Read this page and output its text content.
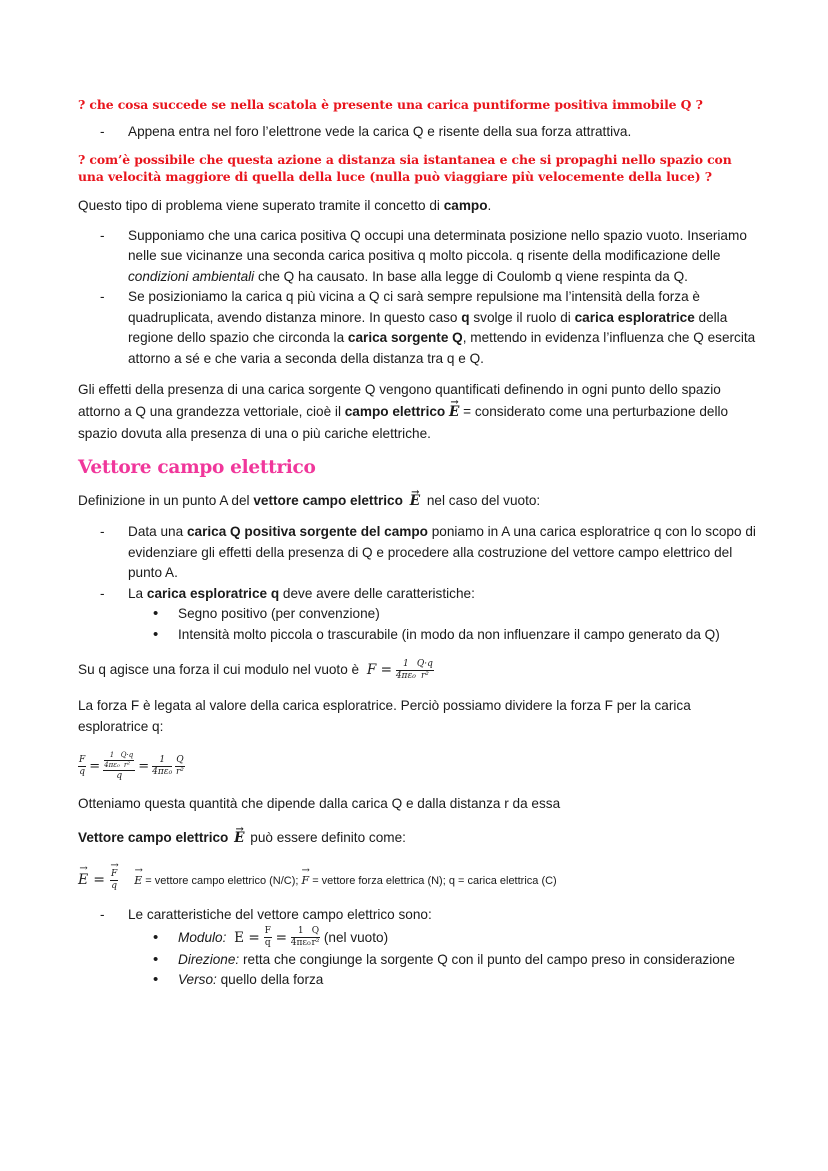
? che cosa succede se nella scatola è presente una carica puntiforme positiva immobile Q ?
- Appena entra nel foro l’elettrone vede la carica Q e risente della sua forza attrattiva.
? com’è possibile che questa azione a distanza sia istantanea e che si propaghi nello spazio con una velocità maggiore di quella della luce (nulla può viaggiare più velocemente della luce) ?

Questo tipo di problema viene superato tramite il concetto di campo.

- Supponiamo che una carica positiva Q occupi una determinata posizione nello spazio vuoto. Inseriamo nelle sue vicinanze una seconda carica positiva q molto piccola. q risente della modificazione delle condizioni ambientali che Q ha causato. In base alla legge di Coulomb q viene respinta da Q.
- Se posizioniamo la carica q più vicina a Q ci sarà sempre repulsione ma l’intensità della forza è quadruplicata, avendo distanza minore. In questo caso q svolge il ruolo di carica esploratrice della regione dello spazio che circonda la carica sorgente Q, mettendo in evidenza l’influenza che Q esercita attorno a sé e che varia a seconda della distanza tra q e Q.

Gli effetti della presenza di una carica sorgente Q vengono quantificati definendo in ogni punto dello spazio attorno a Q una grandezza vettoriale, cioè il campo elettrico E → = considerato come una perturbazione dello spazio dovuta alla presenza di una o più cariche elettriche.

Vettore campo elettrico

Definizione in un punto A del vettore campo elettrico E → nel caso del vuoto:

- Data una carica Q positiva sorgente del campo poniamo in A una carica esploratrice q con lo scopo di evidenziare gli effetti della presenza di Q e procedere alla costruzione del vettore campo elettrico del punto A.
- La carica esploratrice q deve avere delle caratteristiche:
• Segno positivo (per convenzione)
• Intensità molto piccola o trascurabile (in modo da non influenzare il campo generato da Q)

Su q agisce una forza il cui modulo nel vuoto è $F = \frac{1}{\text{4πε₀}} \frac{Q\cdot q}{\text{r²}}$

La forza F è legata al valore della carica esploratrice. Perciò possiamo dividere la forza F per la carica esploratrice q:

$\frac{F}{q} = \frac{\frac{1}{\text{4πε₀}} \frac{Q\cdot q}{\text{r²}}}{q} = \frac{1}{\text{4πε₀}} \frac{Q}{\text{r²}}$

Otteniamo questa quantità che dipende dalla carica Q e dalla distanza r da essa

Vettore campo elettrico E → può essere definito come:

E → = $\frac{F \to}{q}$ E → = vettore campo elettrico (N/C); F → = vettore forza elettrica (N); q = carica elettrica (C)
- Le caratteristiche del vettore campo elettrico sono:
• Modulo: $E = \frac{F}{q} = \frac{1}{\text{4πε₀}} \frac{Q}{\text{r²}} (nel$ vuoto)
• Direzione: retta che congiunge la sorgente Q con il punto del campo preso in considerazione
• Verso: quello della forza
